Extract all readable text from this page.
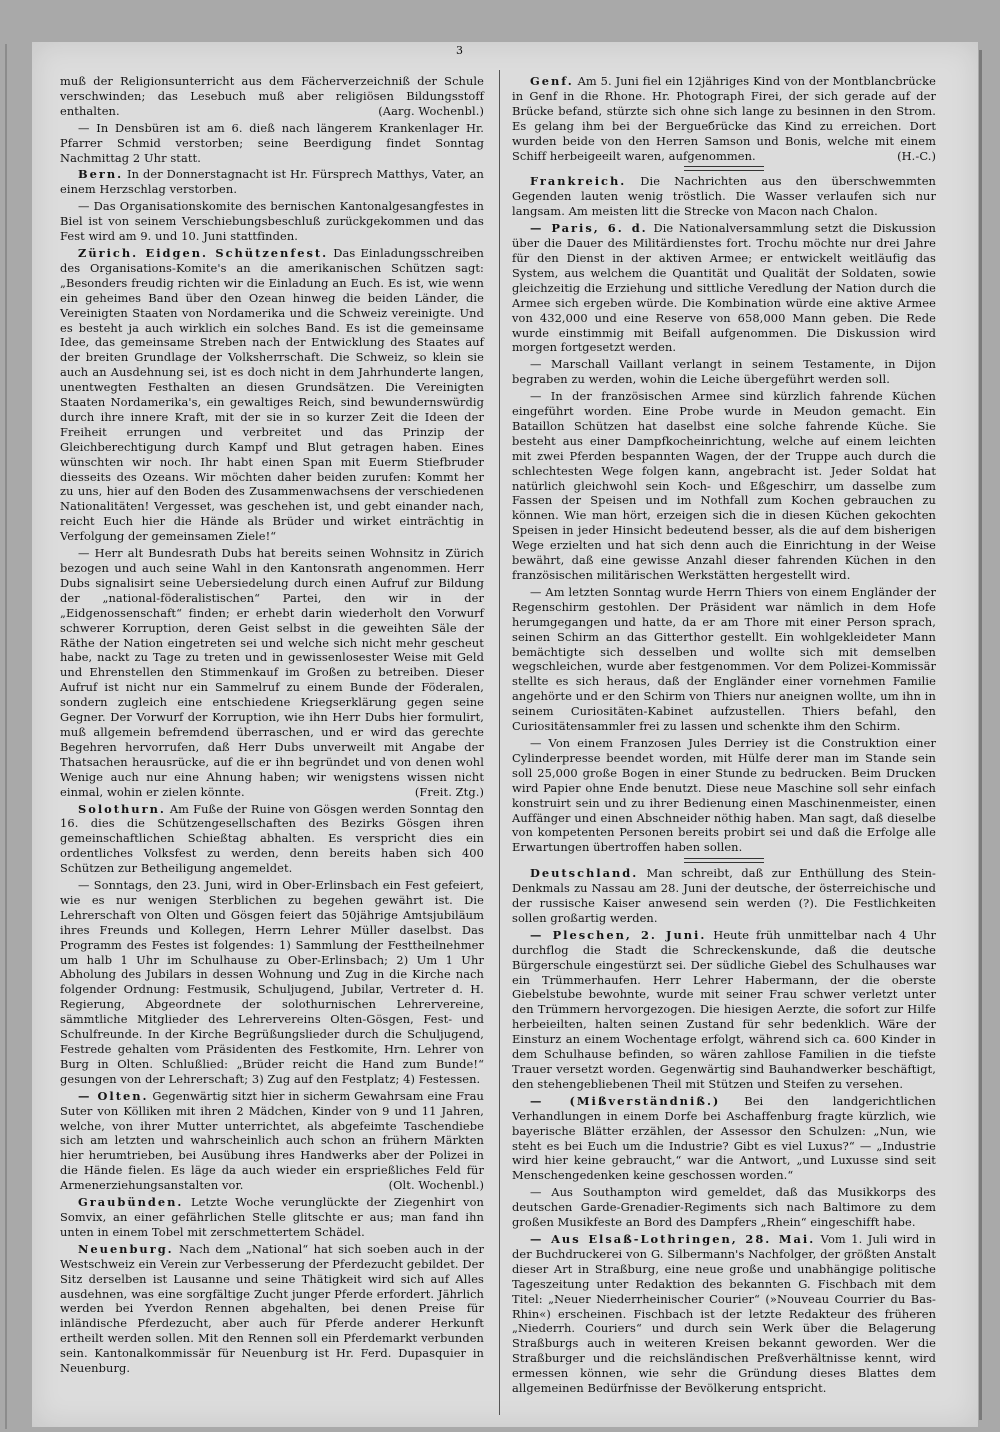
3

muß der Religionsunterricht aus dem Fächerverzeichniß der Schule verschwinden; das Lesebuch muß aber religiösen Bildungsstoff enthalten.	(Aarg. Wochenbl.)

— In Densbüren ist am 6. dieß nach längerem Krankenlager Hr. Pfarrer Schmid verstorben; seine Beerdigung findet Sonntag Nachmittag 2 Uhr statt.

Bern. In der Donnerstagnacht ist Hr. Fürsprech Matthys, Vater, an einem Herzschlag verstorben.

— Das Organisationskomite des bernischen Kantonalgesangfestes in Biel ist von seinem Verschiebungsbeschluß zurückgekommen und das Fest wird am 9. und 10. Juni stattfinden.

Zürich. Eidgen. Schützenfest. Das Einladungsschreiben des Organisations-Komite's an die amerikanischen Schützen sagt: „Besonders freudig richten wir die Einladung an Euch. Es ist, wie wenn ein geheimes Band über den Ozean hinweg die beiden Länder, die Vereinigten Staaten von Nordamerika und die Schweiz vereinigte. Und es besteht ja auch wirklich ein solches Band. Es ist die gemeinsame Idee, das gemeinsame Streben nach der Entwicklung des Staates auf der breiten Grundlage der Volksherrschaft. Die Schweiz, so klein sie auch an Ausdehnung sei, ist es doch nicht in dem Jahrhunderte langen, unentwegten Festhalten an diesen Grundsätzen. Die Vereinigten Staaten Nordamerika's, ein gewaltiges Reich, sind bewundernswürdig durch ihre innere Kraft, mit der sie in so kurzer Zeit die Ideen der Freiheit errungen und verbreitet und das Prinzip der Gleichberechtigung durch Kampf und Blut getragen haben. Eines wünschten wir noch. Ihr habt einen Span mit Euerm Stiefbruder diesseits des Ozeans. Wir möchten daher beiden zurufen: Kommt her zu uns, hier auf den Boden des Zusammenwachsens der verschiedenen Nationalitäten! Vergesset, was geschehen ist, und gebt einander nach, reicht Euch hier die Hände als Brüder und wirket einträchtig in Verfolgung der gemeinsamen Ziele!“

— Herr alt Bundesrath Dubs hat bereits seinen Wohnsitz in Zürich bezogen und auch seine Wahl in den Kantonsrath angenommen. Herr Dubs signalisirt seine Uebersiedelung durch einen Aufruf zur Bildung der „national-föderalistischen“ Partei, den wir in der „Eidgenossenschaft“ finden; er erhebt darin wiederholt den Vorwurf schwerer Korruption, deren Geist selbst in die geweihten Säle der Räthe der Nation eingetreten sei und welche sich nicht mehr gescheut habe, nackt zu Tage zu treten und in gewissenlosester Weise mit Geld und Ehrenstellen den Stimmenkauf im Großen zu betreiben. Dieser Aufruf ist nicht nur ein Sammelruf zu einem Bunde der Föderalen, sondern zugleich eine entschiedene Kriegserklärung gegen seine Gegner. Der Vorwurf der Korruption, wie ihn Herr Dubs hier formulirt, muß allgemein befremdend überraschen, und er wird das gerechte Begehren hervorrufen, daß Herr Dubs unverweilt mit Angabe der Thatsachen herausrücke, auf die er ihn begründet und von denen wohl Wenige auch nur eine Ahnung haben; wir wenigstens wissen nicht einmal, wohin er zielen könnte.	(Freit. Ztg.)

Solothurn. Am Fuße der Ruine von Gösgen werden Sonntag den 16. dies die Schützengesellschaften des Bezirks Gösgen ihren gemeinschaftlichen Schießtag abhalten. Es verspricht dies ein ordentliches Volksfest zu werden, denn bereits haben sich 400 Schützen zur Betheiligung angemeldet.

— Sonntags, den 23. Juni, wird in Ober-Erlinsbach ein Fest gefeiert, wie es nur wenigen Sterblichen zu begehen gewährt ist. Die Lehrerschaft von Olten und Gösgen feiert das 50jährige Amtsjubiläum ihres Freunds und Kollegen, Herrn Lehrer Müller daselbst. Das Programm des Festes ist folgendes: 1) Sammlung der Festtheilnehmer um halb 1 Uhr im Schulhause zu Ober-Erlinsbach; 2) Um 1 Uhr Abholung des Jubilars in dessen Wohnung und Zug in die Kirche nach folgender Ordnung: Festmusik, Schuljugend, Jubilar, Vertreter d. H. Regierung, Abgeordnete der solothurnischen Lehrervereine, sämmtliche Mitglieder des Lehrervereins Olten-Gösgen, Fest- und Schulfreunde. In der Kirche Begrüßungslieder durch die Schuljugend, Festrede gehalten vom Präsidenten des Festkomite, Hrn. Lehrer von Burg in Olten. Schlußlied: „Brüder reicht die Hand zum Bunde!“ gesungen von der Lehrerschaft; 3) Zug auf den Festplatz; 4) Festessen.

— Olten. Gegenwärtig sitzt hier in sicherm Gewahrsam eine Frau Suter von Kölliken mit ihren 2 Mädchen, Kinder von 9 und 11 Jahren, welche, von ihrer Mutter unterrichtet, als abgefeimte Taschendiebe sich am letzten und wahrscheinlich auch schon an frühern Märkten hier herumtrieben, bei Ausübung ihres Handwerks aber der Polizei in die Hände fielen. Es läge da auch wieder ein ersprießliches Feld für Armenerziehungsanstalten vor.	(Olt. Wochenbl.)

Graubünden. Letzte Woche verunglückte der Ziegenhirt von Somvix, an einer gefährlichen Stelle glitschte er aus; man fand ihn unten in einem Tobel mit zerschmettertem Schädel.

Neuenburg. Nach dem „National“ hat sich soeben auch in der Westschweiz ein Verein zur Verbesserung der Pferdezucht gebildet. Der Sitz derselben ist Lausanne und seine Thätigkeit wird sich auf Alles ausdehnen, was eine sorgfältige Zucht junger Pferde erfordert. Jährlich werden bei Yverdon Rennen abgehalten, bei denen Preise für inländische Pferdezucht, aber auch für Pferde anderer Herkunft ertheilt werden sollen. Mit den Rennen soll ein Pferdemarkt verbunden sein. Kantonalkommissär für Neuenburg ist Hr. Ferd. Dupasquier in Neuenburg.

Genf. Am 5. Juni fiel ein 12jähriges Kind von der Montblancbrücke in Genf in die Rhone. Hr. Photograph Firei, der sich gerade auf der Brücke befand, stürzte sich ohne sich lange zu besinnen in den Strom. Es gelang ihm bei der Bergueбrücke das Kind zu erreichen. Dort wurden beide von den Herren Samson und Bonis, welche mit einem Schiff herbeigeeilt waren, aufgenommen.	(H.-C.)

Frankreich. Die Nachrichten aus den überschwemmten Gegenden lauten wenig tröstlich. Die Wasser verlaufen sich nur langsam. Am meisten litt die Strecke von Macon nach Chalon.

— Paris, 6. d. Die Nationalversammlung setzt die Diskussion über die Dauer des Militärdienstes fort. Trochu möchte nur drei Jahre für den Dienst in der aktiven Armee; er entwickelt weitläufig das System, aus welchem die Quantität und Qualität der Soldaten, sowie gleichzeitig die Erziehung und sittliche Veredlung der Nation durch die Armee sich ergeben würde. Die Kombination würde eine aktive Armee von 432,000 und eine Reserve von 658,000 Mann geben. Die Rede wurde einstimmig mit Beifall aufgenommen. Die Diskussion wird morgen fortgesetzt werden.

— Marschall Vaillant verlangt in seinem Testamente, in Dijon begraben zu werden, wohin die Leiche übergeführt werden soll.

— In der französischen Armee sind kürzlich fahrende Küchen eingeführt worden. Eine Probe wurde in Meudon gemacht. Ein Bataillon Schützen hat daselbst eine solche fahrende Küche. Sie besteht aus einer Dampfkocheinrichtung, welche auf einem leichten mit zwei Pferden bespannten Wagen, der der Truppe auch durch die schlechtesten Wege folgen kann, angebracht ist. Jeder Soldat hat natürlich gleichwohl sein Koch- und Eßgeschirr, um dasselbe zum Fassen der Speisen und im Nothfall zum Kochen gebrauchen zu können. Wie man hört, erzeigen sich die in diesen Küchen gekochten Speisen in jeder Hinsicht bedeutend besser, als die auf dem bisherigen Wege erzielten und hat sich denn auch die Einrichtung in der Weise bewährt, daß eine gewisse Anzahl dieser fahrenden Küchen in den französischen militärischen Werkstätten hergestellt wird.

— Am letzten Sonntag wurde Herrn Thiers von einem Engländer der Regenschirm gestohlen. Der Präsident war nämlich in dem Hofe herumgegangen und hatte, da er am Thore mit einer Person sprach, seinen Schirm an das Gitterthor gestellt. Ein wohlgekleideter Mann bemächtigte sich desselben und wollte sich mit demselben wegschleichen, wurde aber festgenommen. Vor dem Polizei-Kommissär stellte es sich heraus, daß der Engländer einer vornehmen Familie angehörte und er den Schirm von Thiers nur aneignen wollte, um ihn in seinem Curiositäten-Kabinet aufzustellen. Thiers befahl, den Curiositätensammler frei zu lassen und schenkte ihm den Schirm.

— Von einem Franzosen Jules Derriey ist die Construktion einer Cylinderpresse beendet worden, mit Hülfe derer man im Stande sein soll 25,000 große Bogen in einer Stunde zu bedrucken. Beim Drucken wird Papier ohne Ende benutzt. Diese neue Maschine soll sehr einfach konstruirt sein und zu ihrer Bedienung einen Maschinenmeister, einen Auffänger und einen Abschneider nöthig haben. Man sagt, daß dieselbe von kompetenten Personen bereits probirt sei und daß die Erfolge alle Erwartungen übertroffen haben sollen.

Deutschland. Man schreibt, daß zur Enthüllung des Stein-Denkmals zu Nassau am 28. Juni der deutsche, der österreichische und der russische Kaiser anwesend sein werden (?). Die Festlichkeiten sollen großartig werden.

— Pleschen, 2. Juni. Heute früh unmittelbar nach 4 Uhr durchflog die Stadt die Schreckenskunde, daß die deutsche Bürgerschule eingestürzt sei. Der südliche Giebel des Schulhauses war ein Trümmerhaufen. Herr Lehrer Habermann, der die oberste Giebelstube bewohnte, wurde mit seiner Frau schwer verletzt unter den Trümmern hervorgezogen. Die hiesigen Aerzte, die sofort zur Hilfe herbeieilten, halten seinen Zustand für sehr bedenklich. Wäre der Einsturz an einem Wochentage erfolgt, während sich ca. 600 Kinder in dem Schulhause befinden, so wären zahllose Familien in die tiefste Trauer versetzt worden. Gegenwärtig sind Bauhandwerker beschäftigt, den stehengebliebenen Theil mit Stützen und Steifen zu versehen.

— (Mißverständniß.) Bei den landgerichtlichen Verhandlungen in einem Dorfe bei Aschaffenburg fragte kürzlich, wie bayerische Blätter erzählen, der Assessor den Schulzen: „Nun, wie steht es bei Euch um die Industrie? Gibt es viel Luxus?“ — „Industrie wird hier keine gebraucht,“ war die Antwort, „und Luxusse sind seit Menschengedenken keine geschossen worden.“

— Aus Southampton wird gemeldet, daß das Musikkorps des deutschen Garde-Grenadier-Regiments sich nach Baltimore zu dem großen Musikfeste an Bord des Dampfers „Rhein“ eingeschifft habe.

— Aus Elsaß-Lothringen, 28. Mai. Vom 1. Juli wird in der Buchdruckerei von G. Silbermann's Nachfolger, der größten Anstalt dieser Art in Straßburg, eine neue große und unabhängige politische Tageszeitung unter Redaktion des bekannten G. Fischbach mit dem Titel: „Neuer Niederrheinischer Courier“ (»Nouveau Courrier du Bas-Rhin«) erscheinen. Fischbach ist der letzte Redakteur des früheren „Niederrh. Couriers“ und durch sein Werk über die Belagerung Straßburgs auch in weiteren Kreisen bekannt geworden. Wer die Straßburger und die reichsländischen Preßverhältnisse kennt, wird ermessen können, wie sehr die Gründung dieses Blattes dem allgemeinen Bedürfnisse der Bevölkerung entspricht.
